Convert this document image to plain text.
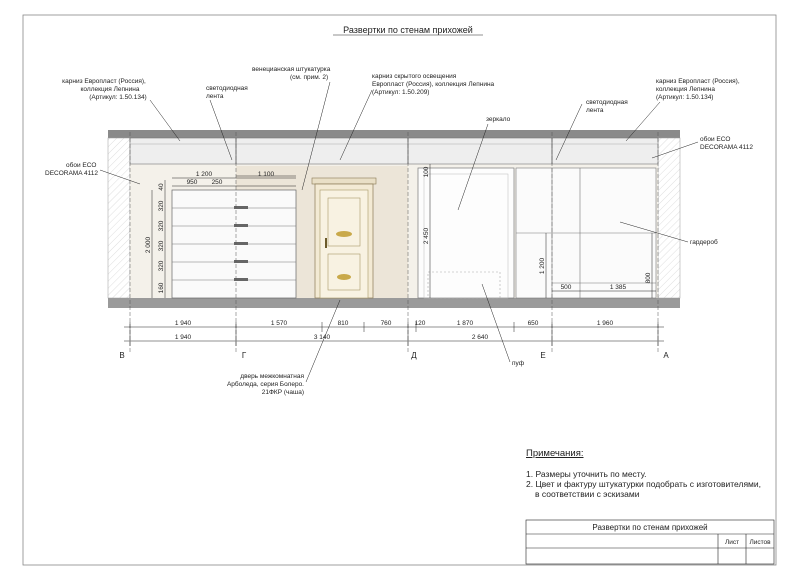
Развертки по стенам прихожей
1 200	1 100
950 250
2 000
40
320
320
320
320
160
100
2 450
1 200
500	1 385
800
1 940	1 570	810	760	120	1 870	650	1 960
1 940	3 140	2 640
В	Г	Д	Е	А
карниз Европласт (Россия),
коллекция Лепнина
(Артикул: 1.50.134)
светодиодная
лента
венецианская штукатурка
(см. прим. 2)	карниз скрытого освещения
Европласт (Россия), коллекция Лепнина
(Артикул: 1.50.209)
зеркало
светодиодная
лента
карниз Европласт (Россия),
коллекция Лепнина
(Артикул: 1.50.134)
обои ECO
DECORAMA 4112
обои ECO
DECORAMA 4112
гардероб
дверь межкомнатная
Арболеда, серия Болеро.
21ФКР (чаша)
пуф
Развертки по стенам прихожей
Лист Листов
Примечания:
1. Размеры уточнить по месту.
2. Цвет и фактуру штукатурки подобрать с изготовителями,
в соответствии с эскизами
